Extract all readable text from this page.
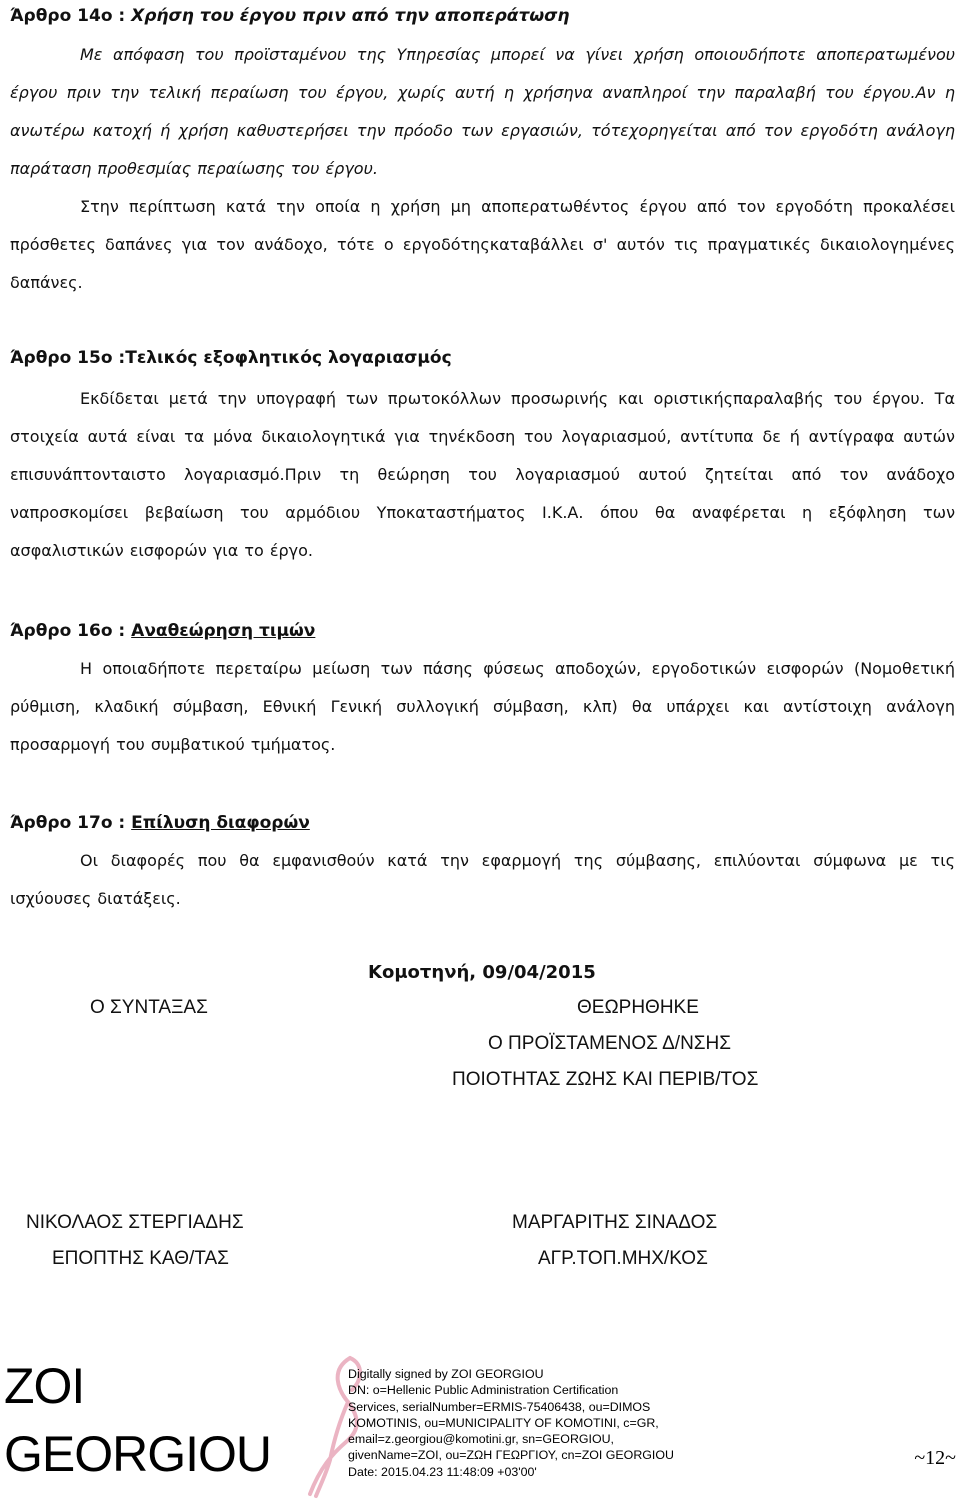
Άρθρο 14ο : Χρήση του έργου πριν από την αποπεράτωση

Με απόφαση του προϊσταμένου της Υπηρεσίας μπορεί να γίνει χρήση οποιουδήποτε αποπερατωμένου έργου πριν την τελική περαίωση του έργου, χωρίς αυτή η χρήσηνα αναπληροί την παραλαβή του έργου.Αν η ανωτέρω κατοχή ή χρήση καθυστερήσει την πρόοδο των εργασιών, τότεχορηγείται από τον εργοδότη ανάλογη παράταση προθεσμίας περαίωσης του έργου.

Στην περίπτωση κατά την οποία η χρήση μη αποπερατωθέντος έργου από τον εργοδότη προκαλέσει πρόσθετες δαπάνες για τον ανάδοχο, τότε ο εργοδότηςκαταβάλλει σ' αυτόν τις πραγματικές δικαιολογημένες δαπάνες.

Άρθρο 15ο :Τελικός εξοφλητικός λογαριασμός

Εκδίδεται μετά την υπογραφή των πρωτοκόλλων προσωρινής και οριστικήςπαραλαβής του έργου. Τα στοιχεία αυτά είναι τα μόνα δικαιολογητικά για τηνέκδοση του λογαριασμού, αντίτυπα δε ή αντίγραφα αυτών επισυνάπτονταιστο λογαριασμό.Πριν τη θεώρηση του λογαριασμού αυτού ζητείται από τον ανάδοχο ναπροσκομίσει βεβαίωση του αρμόδιου Υποκαταστήματος Ι.Κ.Α. όπου θα αναφέρεται η εξόφληση των ασφαλιστικών εισφορών για το έργο.

Άρθρο 16ο : Αναθεώρηση τιμών

Η οποιαδήποτε περεταίρω μείωση των πάσης φύσεως αποδοχών, εργοδοτικών εισφορών (Νομοθετική ρύθμιση, κλαδική σύμβαση, Εθνική Γενική συλλογική σύμβαση, κλπ) θα υπάρχει και αντίστοιχη ανάλογη προσαρμογή του συμβατικού τμήματος.

Άρθρο 17ο : Επίλυση διαφορών

Οι διαφορές που θα εμφανισθούν κατά την εφαρμογή της σύμβασης, επιλύονται σύμφωνα με τις ισχύουσες διατάξεις.

Κομοτηνή, 09/04/2015
Ο ΣΥΝΤΑΞΑΣ	ΘΕΩΡΗΘΗΚΕ
Ο ΠΡΟΪΣΤΑΜΕΝΟΣ Δ/ΝΣΗΣ
ΠΟΙΟΤΗΤΑΣ ΖΩΗΣ ΚΑΙ ΠΕΡΙΒ/ΤΟΣ
ΝΙΚΟΛΑΟΣ ΣΤΕΡΓΙΑΔΗΣ
ΕΠΟΠΤΗΣ ΚΑΘ/ΤΑΣ
ΜΑΡΓΑΡΙΤΗΣ ΣΙΝΑΔΟΣ
ΑΓΡ.ΤΟΠ.ΜΗΧ/ΚΟΣ
ZOI
GEORGIOU
Digitally signed by ZOI GEORGIOU
DN: o=Hellenic Public Administration Certification
Services, serialNumber=ERMIS-75406438, ou=DIMOS
KOMOTINIS, ou=MUNICIPALITY OF KOMOTINI, c=GR,
email=z.georgiou@komotini.gr, sn=GEORGIOU,
givenName=ZOI, ou=ΖΩΗ ΓΕΩΡΓΙΟΥ, cn=ZOI GEORGIOU
Date: 2015.04.23 11:48:09 +03'00'
~12~
